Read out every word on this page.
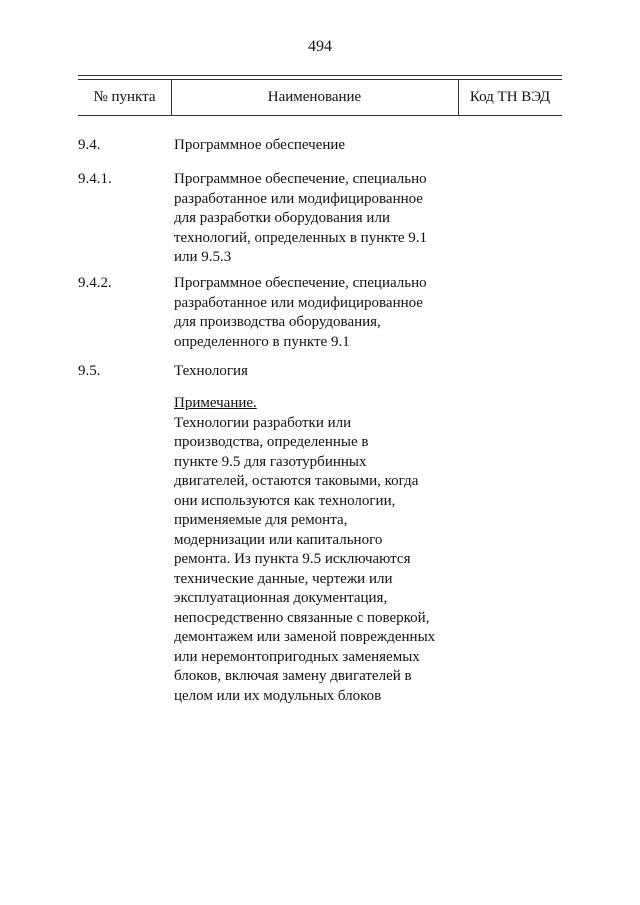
494
№ пункта	Наименование	Код ТН ВЭД
9.4.	Программное обеспечение
9.4.1.	Программное обеспечение, специально
разработанное или модифицированное
для разработки оборудования или
технологий, определенных в пункте 9.1
или 9.5.3
9.4.2.	Программное обеспечение, специально
разработанное или модифицированное
для производства оборудования,
определенного в пункте 9.1
9.5.	Технология
Примечание.
Технологии разработки или
производства, определенные в
пункте 9.5 для газотурбинных
двигателей, остаются таковыми, когда
они используются как технологии,
применяемые для ремонта,
модернизации или капитального
ремонта. Из пункта 9.5 исключаются
технические данные, чертежи или
эксплуатационная документация,
непосредственно связанные с поверкой,
демонтажем или заменой поврежденных
или неремонтопригодных заменяемых
блоков, включая замену двигателей в
целом или их модульных блоков
